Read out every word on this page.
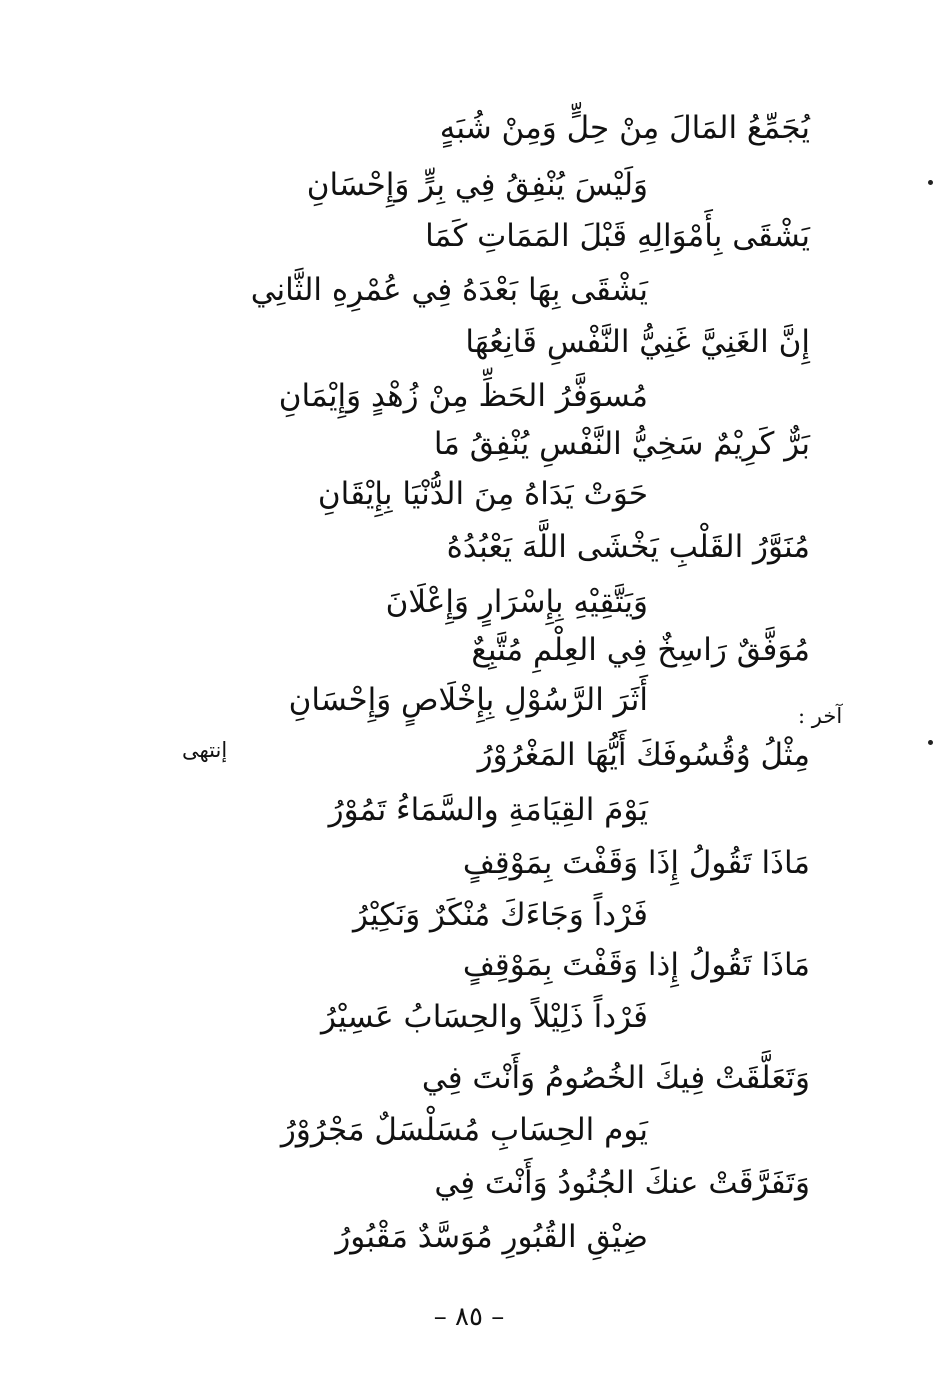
يُجَمِّعُ المَالَ مِنْ حِلٍّ وَمِنْ شُبَهٍ
وَلَيْسَ يُنْفِقُ فِي بِرٍّ وَإِحْسَانِ
يَشْقَى بِأَمْوَالِهِ قَبْلَ المَمَاتِ كَمَا
يَشْقَى بِهَا بَعْدَهُ فِي عُمْرِهِ الثَّانِي
إِنَّ الغَنِيَّ غَنِيُّ النَّفْسِ قَانِعُهَا
مُسوَفَّرُ الحَظِّ مِنْ زُهْدٍ وَإِيْمَانِ
بَرٌّ كَرِيْمٌ سَخِيُّ النَّفْسِ يُنْفِقُ مَا
حَوَتْ يَدَاهُ مِنَ الدُّنْيَا بِإِيْقَانِ
مُنَوَّرُ القَلْبِ يَخْشَى اللَّهَ يَعْبُدُهُ
وَيَتَّقِيْهِ بِإِسْرَارٍ وَإِعْلَانَ
مُوَفَّقٌ رَاسِخٌ فِي العِلْمِ مُتَّبِعٌ
أَثَرَ الرَّسُوْلِ بِإِخْلَاصٍ وَإِحْسَانِ	آخر :
إنتهى	مِثْلُ وُقُسُوفَكَ أَيُّهَا المَغْرُوْرُ
يَوْمَ القِيَامَةِ والسَّمَاءُ تَمُوْرُ
مَاذَا تَقُولُ إِذَا وَقَفْتَ بِمَوْقِفٍ
فَرْداً وَجَاءَكَ مُنْكَرٌ وَنَكِيْرُ
مَاذَا تَقُولُ إِذا وَقَفْتَ بِمَوْقِفٍ
فَرْداً ذَلِيْلاً والحِسَابُ عَسِيْرُ
وَتَعَلَّقَتْ فِيكَ الخُصُومُ وَأَنْتَ فِي
يَوم الحِسَابِ مُسَلْسَلٌ مَجْرُوْرُ
وَتَفَرَّقَتْ عنكَ الجُنُودُ وَأَنْتَ فِي
ضِيْقِ القُبُورِ مُوَسَّدٌ مَقْبُورُ
– ٨٥ –
